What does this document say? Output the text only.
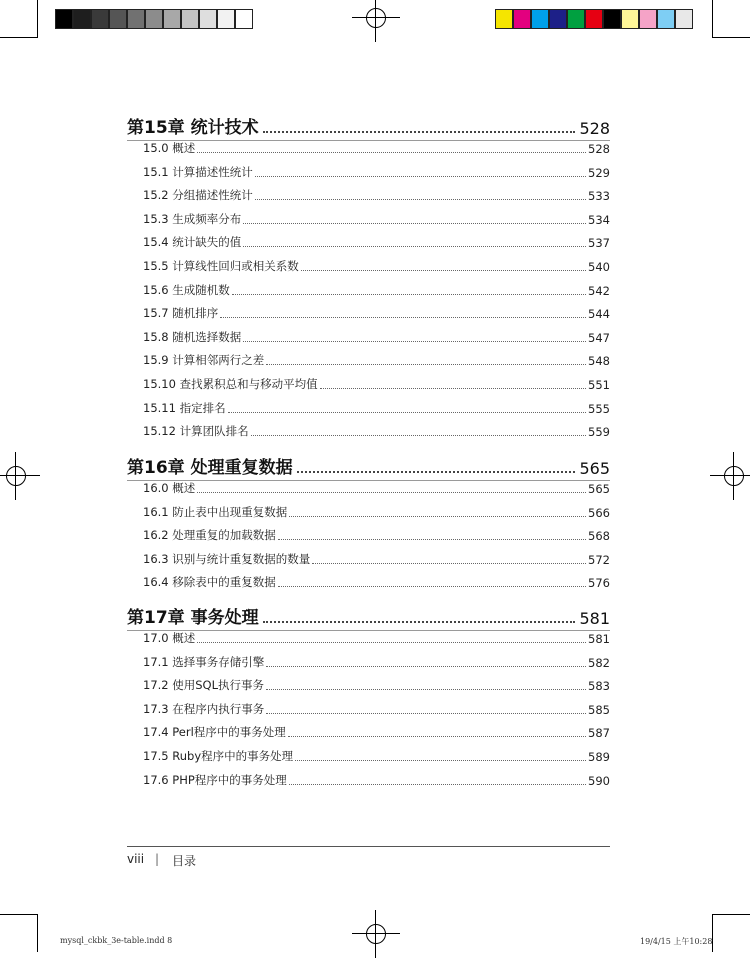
第15章 统计技术	528
15.0 概述	528
15.1 计算描述性统计	529
15.2 分组描述性统计	533
15.3 生成频率分布	534
15.4 统计缺失的值	537
15.5 计算线性回归或相关系数	540
15.6 生成随机数	542
15.7 随机排序	544
15.8 随机选择数据	547
15.9 计算相邻两行之差	548
15.10 查找累积总和与移动平均值	551
15.11 指定排名	555
15.12 计算团队排名	559
第16章 处理重复数据	565
16.0 概述	565
16.1 防止表中出现重复数据	566
16.2 处理重复的加载数据	568
16.3 识别与统计重复数据的数量	572
16.4 移除表中的重复数据	576
第17章 事务处理	581
17.0 概述	581
17.1 选择事务存储引擎	582
17.2 使用SQL执行事务	583
17.3 在程序内执行事务	585
17.4 Perl程序中的事务处理	587
17.5 Ruby程序中的事务处理	589
17.6 PHP程序中的事务处理	590
viii | 目录
mysql_ckbk_3e-table.indd 8	19/4/15 上午10:28
